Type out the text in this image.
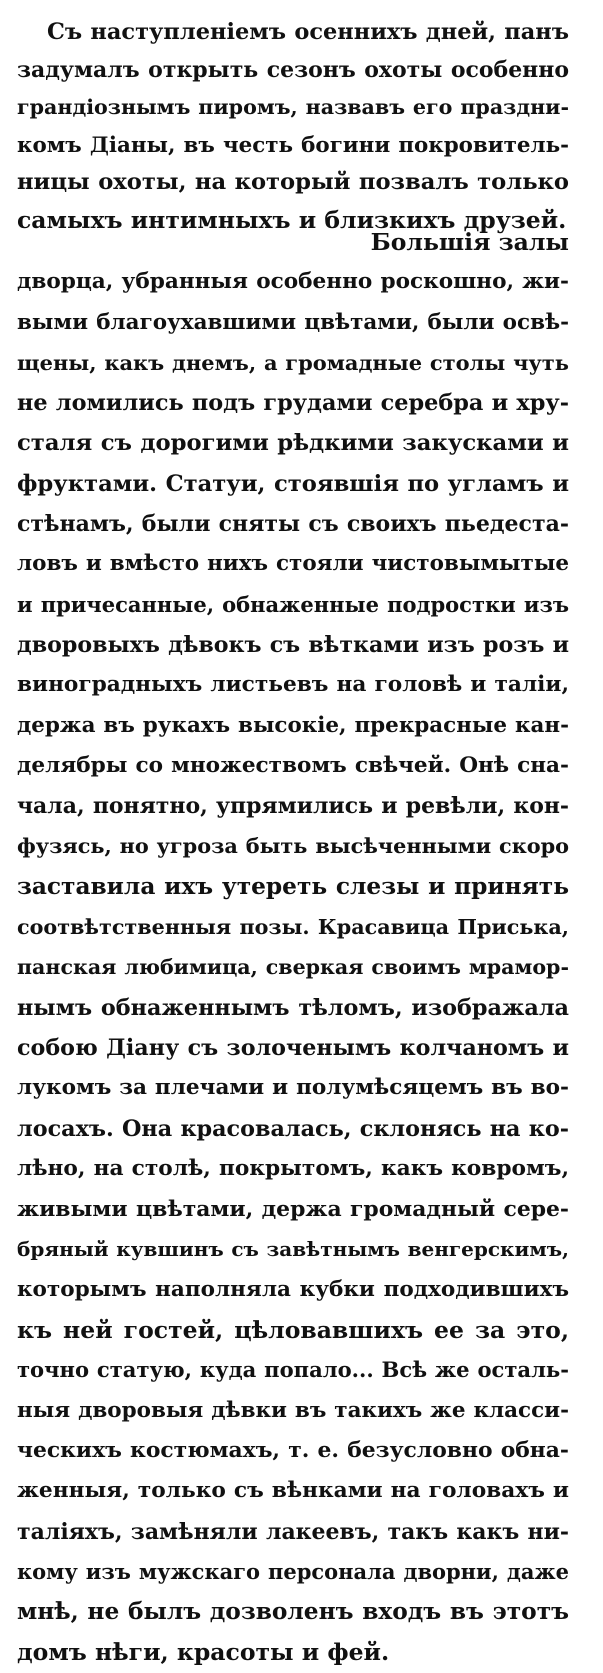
Съ наступленіемъ осеннихъ дней, панъ
задумалъ открыть сезонъ охоты особенно
грандіознымъ пиромъ, назвавъ его праздни-
комъ Діаны, въ честь богини покровитель-
ницы охоты, на который позвалъ только
самыхъ интимныхъ и близкихъ друзей.
Большія залы
дворца, убранныя особенно роскошно, жи-
выми благоухавшими цвѣтами, были освѣ-
щены, какъ днемъ, а громадные столы чуть
не ломились подъ грудами серебра и хру-
сталя съ дорогими рѣдкими закусками и
фруктами. Статуи, стоявшія по угламъ и
стѣнамъ, были сняты съ своихъ пьедеста-
ловъ и вмѣсто нихъ стояли чистовымытые
и причесанные, обнаженные подростки изъ
дворовыхъ дѣвокъ съ вѣтками изъ розъ и
виноградныхъ листьевъ на головѣ и таліи,
держа въ рукахъ высокіе, прекрасные кан-
делябры со множествомъ свѣчей. Онѣ сна-
чала, понятно, упрямились и ревѣли, кон-
фузясь, но угроза быть высѣченными скоро
заставила ихъ утереть слезы и принять
соотвѣтственныя позы. Красавица Приська,
панская любимица, сверкая своимъ мрамор-
нымъ обнаженнымъ тѣломъ, изображала
собою Діану съ золоченымъ колчаномъ и
лукомъ за плечами и полумѣсяцемъ въ во-
лосахъ. Она красовалась, склонясь на ко-
лѣно, на столѣ, покрытомъ, какъ ковромъ,
живыми цвѣтами, держа громадный сере-
бряный кувшинъ съ завѣтнымъ венгерскимъ,
которымъ наполняла кубки подходившихъ
къ ней гостей, цѣловавшихъ ее за это,
точно статую, куда попало... Всѣ же осталь-
ныя дворовыя дѣвки въ такихъ же класси-
ческихъ костюмахъ, т. е. безусловно обна-
женныя, только съ вѣнками на головахъ и
таліяхъ, замѣняли лакеевъ, такъ какъ ни-
кому изъ мужскаго персонала дворни, даже
мнѣ, не былъ дозволенъ входъ въ этотъ
домъ нѣги, красоты и фей.
